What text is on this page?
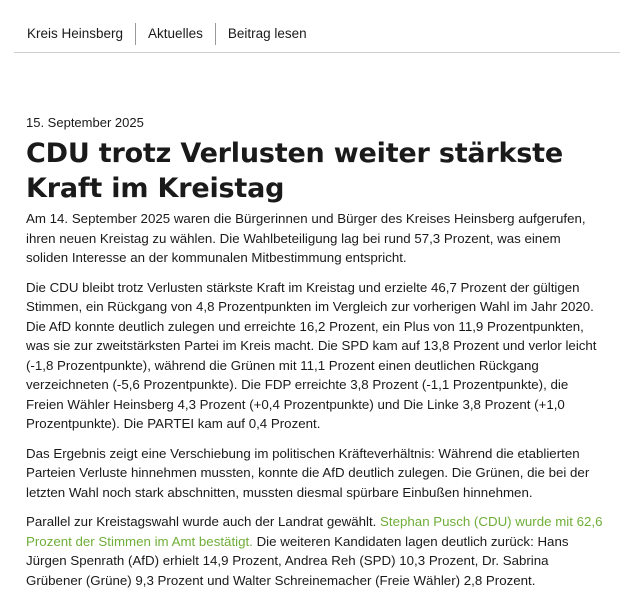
Kreis Heinsberg	Aktuelles	Beitrag lesen
15. September 2025
CDU trotz Verlusten weiter stärkste
Kraft im Kreistag

Am 14. September 2025 waren die Bürgerinnen und Bürger des Kreises Heinsberg aufgerufen, ihren neuen Kreistag zu wählen. Die Wahlbeteiligung lag bei rund 57,3 Prozent, was einem soliden Interesse an der kommunalen Mitbestimmung entspricht.

Die CDU bleibt trotz Verlusten stärkste Kraft im Kreistag und erzielte 46,7 Prozent der gültigen Stimmen, ein Rückgang von 4,8 Prozentpunkten im Vergleich zur vorherigen Wahl im Jahr 2020. Die AfD konnte deutlich zulegen und erreichte 16,2 Prozent, ein Plus von 11,9 Prozentpunkten, was sie zur zweitstärksten Partei im Kreis macht. Die SPD kam auf 13,8 Prozent und verlor leicht (-1,8 Prozentpunkte), während die Grünen mit 11,1 Prozent einen deutlichen Rückgang verzeichneten (-5,6 Prozentpunkte). Die FDP erreichte 3,8 Prozent (-1,1 Prozentpunkte), die Freien Wähler Heinsberg 4,3 Prozent (+0,4 Prozentpunkte) und Die Linke 3,8 Prozent (+1,0 Prozentpunkte). Die PARTEI kam auf 0,4 Prozent.

Das Ergebnis zeigt eine Verschiebung im politischen Kräfteverhältnis: Während die etablierten Parteien Verluste hinnehmen mussten, konnte die AfD deutlich zulegen. Die Grünen, die bei der letzten Wahl noch stark abschnitten, mussten diesmal spürbare Einbußen hinnehmen.

Parallel zur Kreistagswahl wurde auch der Landrat gewählt. Stephan Pusch (CDU) wurde mit 62,6 Prozent der Stimmen im Amt bestätigt. Die weiteren Kandidaten lagen deutlich zurück: Hans Jürgen Spenrath (AfD) erhielt 14,9 Prozent, Andrea Reh (SPD) 10,3 Prozent, Dr. Sabrina Grübener (Grüne) 9,3 Prozent und Walter Schreinemacher (Freie Wähler) 2,8 Prozent.
